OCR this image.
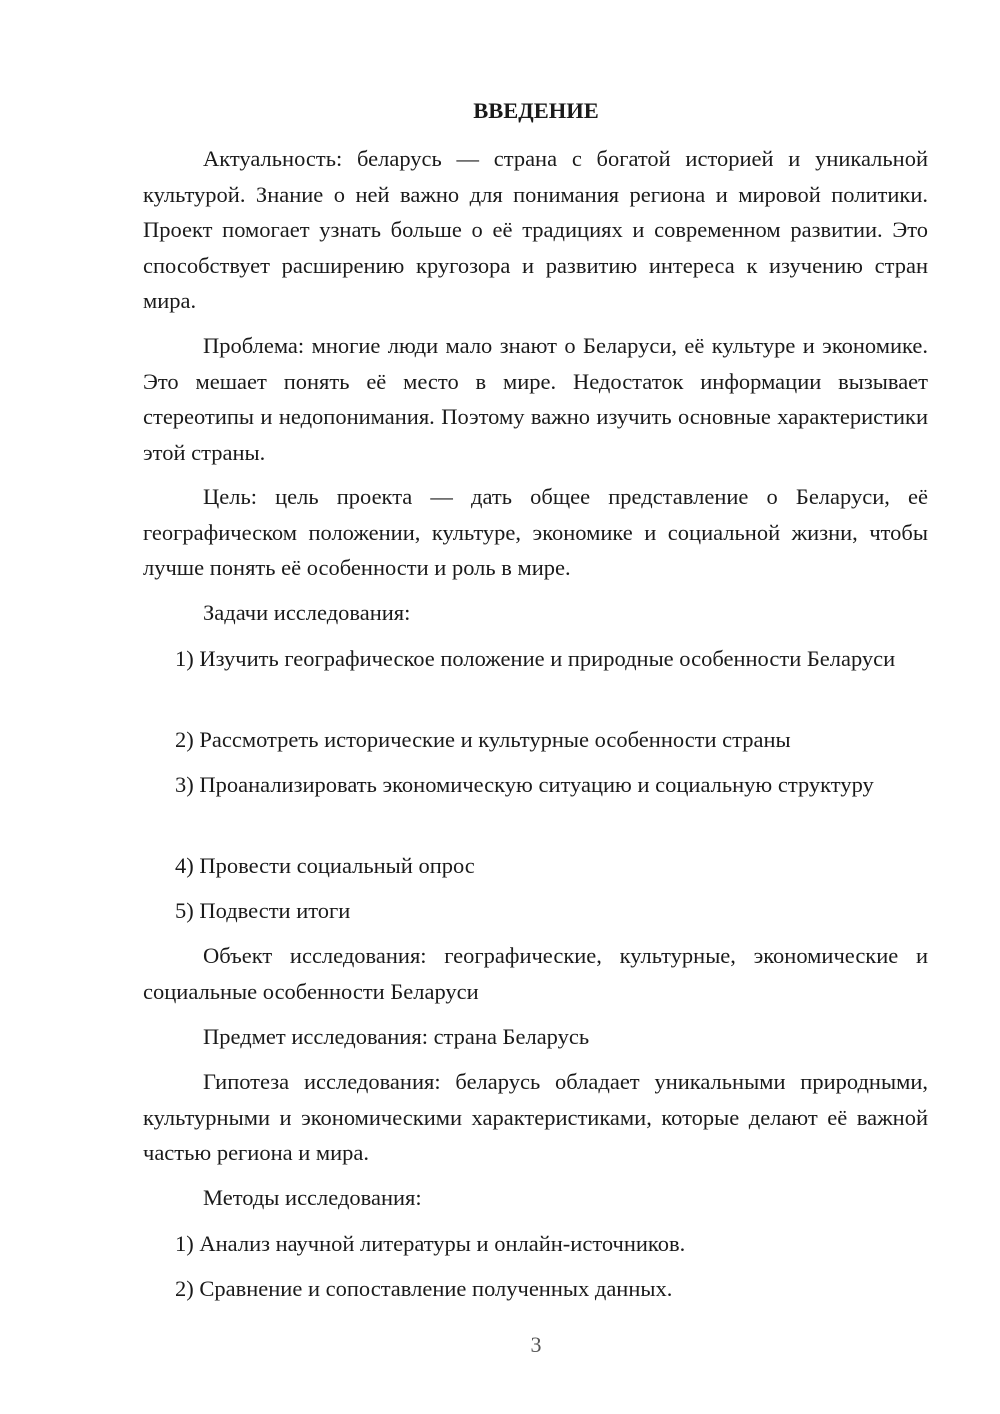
ВВЕДЕНИЕ
Актуальность: беларусь — страна с богатой историей и уникальной культурой. Знание о ней важно для понимания региона и мировой политики. Проект помогает узнать больше о её традициях и современном развитии. Это способствует расширению кругозора и развитию интереса к изучению стран мира.
Проблема: многие люди мало знают о Беларуси, её культуре и экономике. Это мешает понять её место в мире. Недостаток информации вызывает стереотипы и недопонимания. Поэтому важно изучить основные характеристики этой страны.
Цель: цель проекта — дать общее представление о Беларуси, её географическом положении, культуре, экономике и социальной жизни, чтобы лучше понять её особенности и роль в мире.
Задачи исследования:
1) Изучить географическое положение и природные особенности Беларуси
2) Рассмотреть исторические и культурные особенности страны
3) Проанализировать экономическую ситуацию и социальную структуру
4) Провести социальный опрос
5) Подвести итоги
Объект исследования: географические, культурные, экономические и социальные особенности Беларуси
Предмет исследования: страна Беларусь
Гипотеза исследования: беларусь обладает уникальными природными, культурными и экономическими характеристиками, которые делают её важной частью региона и мира.
Методы исследования:
1) Анализ научной литературы и онлайн-источников.
2) Сравнение и сопоставление полученных данных.
3
